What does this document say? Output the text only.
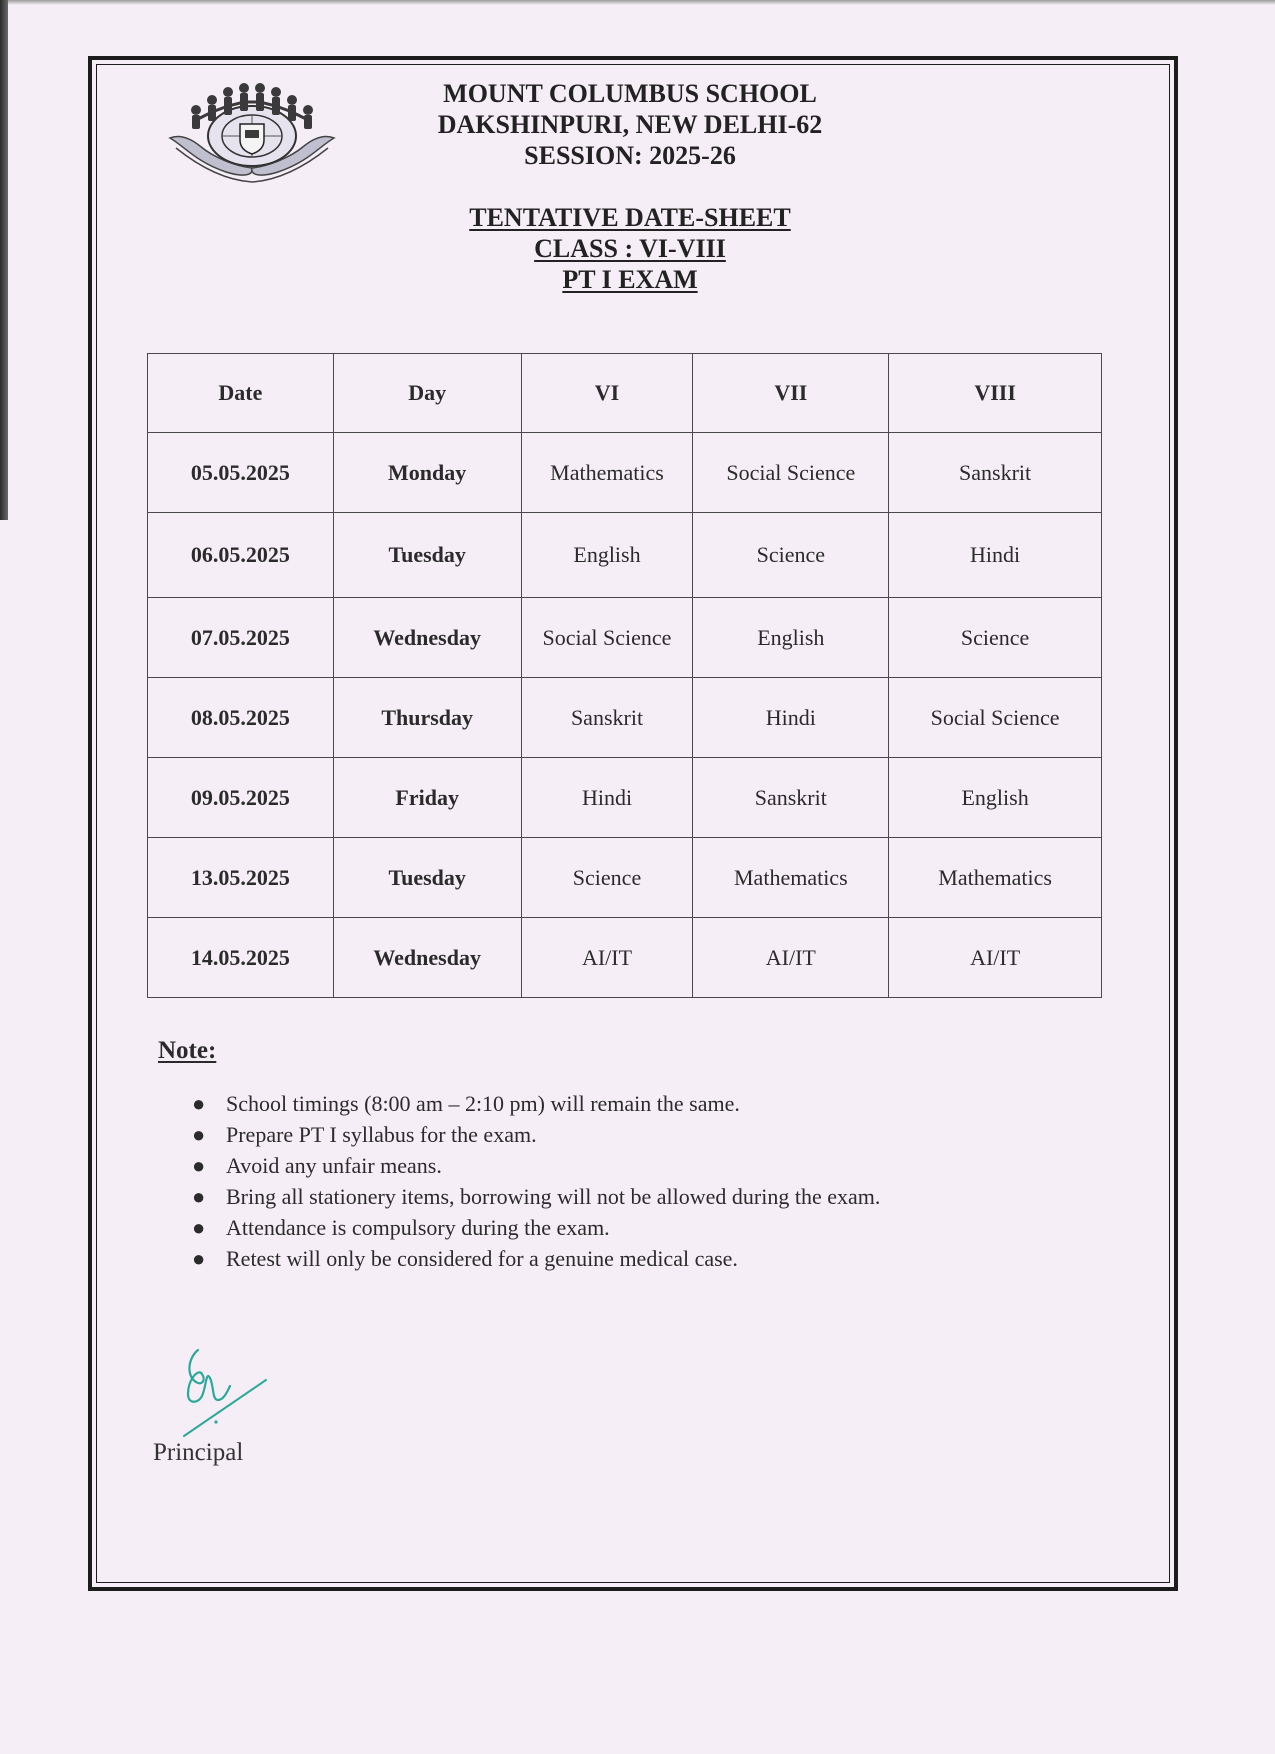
MOUNT COLUMBUS SCHOOL
DAKSHINPURI, NEW DELHI-62
SESSION: 2025-26
TENTATIVE DATE-SHEET
CLASS : VI-VIII
PT I EXAM
Date	Day	VI	VII	VIII
05.05.2025	Monday	Mathematics	Social Science	Sanskrit
06.05.2025	Tuesday	English	Science	Hindi
07.05.2025	Wednesday	Social Science	English	Science
08.05.2025	Thursday	Sanskrit	Hindi	Social Science
09.05.2025	Friday	Hindi	Sanskrit	English
13.05.2025	Tuesday	Science	Mathematics	Mathematics
14.05.2025	Wednesday	AI/IT	AI/IT	AI/IT
Note:
● School timings (8:00 am – 2:10 pm) will remain the same.
● Prepare PT I syllabus for the exam.
● Avoid any unfair means.
● Bring all stationery items, borrowing will not be allowed during the exam.
● Attendance is compulsory during the exam.
● Retest will only be considered for a genuine medical case.
Principal
